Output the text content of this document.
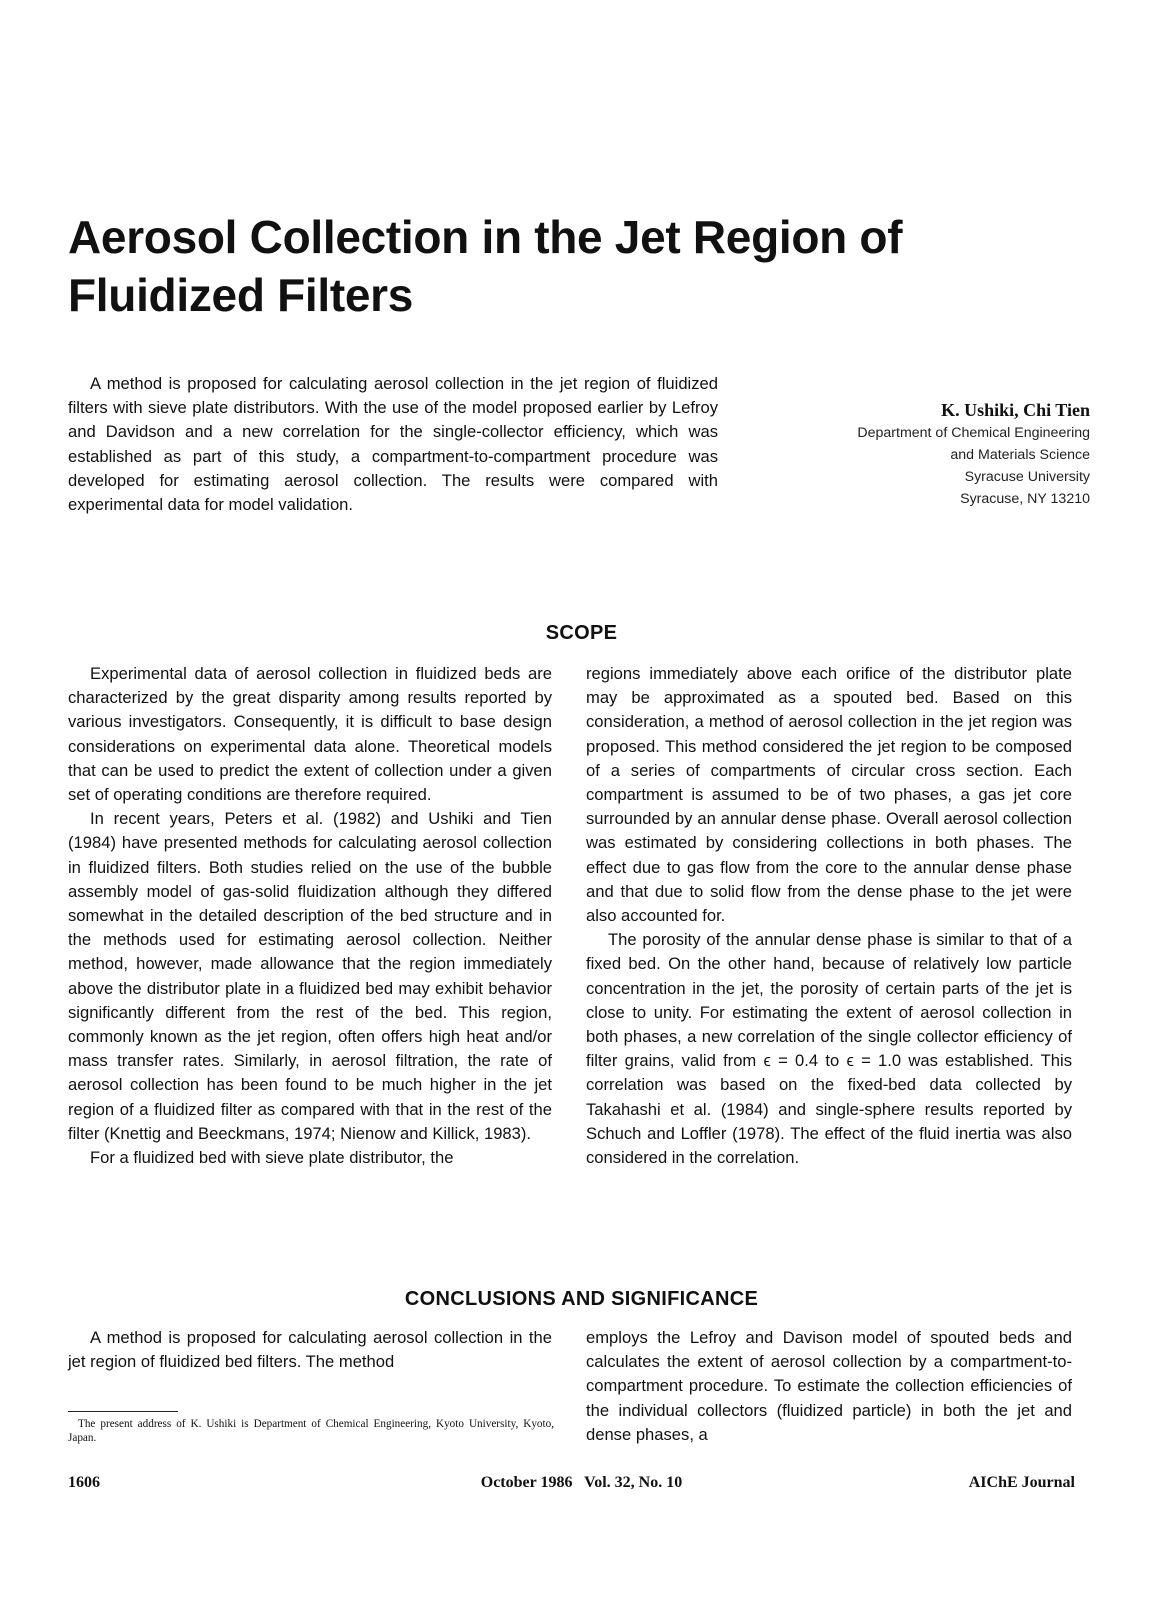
Aerosol Collection in the Jet Region of Fluidized Filters

A method is proposed for calculating aerosol collection in the jet region of fluidized filters with sieve plate distributors. With the use of the model proposed earlier by Lefroy and Davidson and a new correlation for the single-collector efficiency, which was established as part of this study, a compartment-to-compartment procedure was developed for estimating aerosol collection. The results were compared with experimental data for model validation.

K. Ushiki, Chi Tien
Department of Chemical Engineering
and Materials Science
Syracuse University
Syracuse, NY 13210
SCOPE

Experimental data of aerosol collection in fluidized beds are characterized by the great disparity among results reported by various investigators. Consequently, it is difficult to base design considerations on experimental data alone. Theoretical models that can be used to predict the extent of collection under a given set of operating conditions are therefore required.

In recent years, Peters et al. (1982) and Ushiki and Tien (1984) have presented methods for calculating aerosol collection in fluidized filters. Both studies relied on the use of the bubble assembly model of gas-solid fluidization although they differed somewhat in the detailed description of the bed structure and in the methods used for estimating aerosol collection. Neither method, however, made allowance that the region immediately above the distributor plate in a fluidized bed may exhibit behavior significantly different from the rest of the bed. This region, commonly known as the jet region, often offers high heat and/or mass transfer rates. Similarly, in aerosol filtration, the rate of aerosol collection has been found to be much higher in the jet region of a fluidized filter as compared with that in the rest of the filter (Knettig and Beeckmans, 1974; Nienow and Killick, 1983).

For a fluidized bed with sieve plate distributor, the

regions immediately above each orifice of the distributor plate may be approximated as a spouted bed. Based on this consideration, a method of aerosol collection in the jet region was proposed. This method considered the jet region to be composed of a series of compartments of circular cross section. Each compartment is assumed to be of two phases, a gas jet core surrounded by an annular dense phase. Overall aerosol collection was estimated by considering collections in both phases. The effect due to gas flow from the core to the annular dense phase and that due to solid flow from the dense phase to the jet were also accounted for.

The porosity of the annular dense phase is similar to that of a fixed bed. On the other hand, because of relatively low particle concentration in the jet, the porosity of certain parts of the jet is close to unity. For estimating the extent of aerosol collection in both phases, a new correlation of the single collector efficiency of filter grains, valid from ϵ = 0.4 to ϵ = 1.0 was established. This correlation was based on the fixed-bed data collected by Takahashi et al. (1984) and single-sphere results reported by Schuch and Loffler (1978). The effect of the fluid inertia was also considered in the correlation.

CONCLUSIONS AND SIGNIFICANCE

A method is proposed for calculating aerosol collection in the jet region of fluidized bed filters. The method

employs the Lefroy and Davison model of spouted beds and calculates the extent of aerosol collection by a compartment-to-compartment procedure. To estimate the collection efficiencies of the individual collectors (fluidized particle) in both the jet and dense phases, a

The present address of K. Ushiki is Department of Chemical Engineering, Kyoto University, Kyoto, Japan.
1606	October 1986   Vol. 32, No. 10	AIChE Journal
